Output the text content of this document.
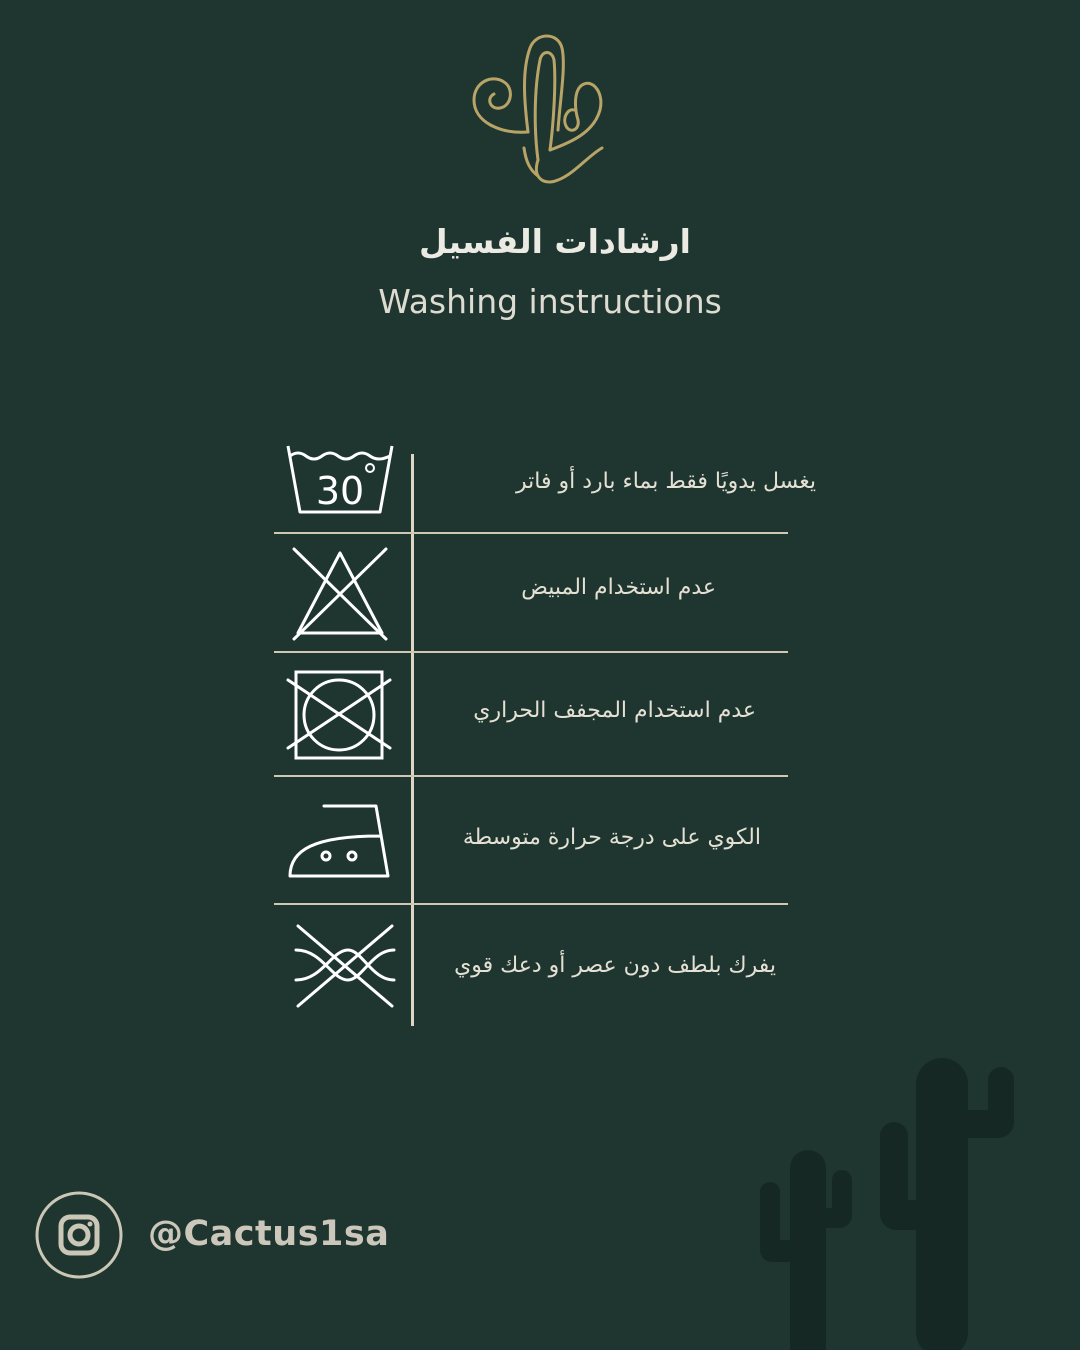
ارشادات الفسيل
Washing instructions
30	يغسل يدويًا فقط بماء بارد أو فاتر
عدم استخدام المبيض
عدم استخدام المجفف الحراري
الكوي على درجة حرارة متوسطة
يفرك بلطف دون عصر أو دعك قوي
@Cactus1sa
